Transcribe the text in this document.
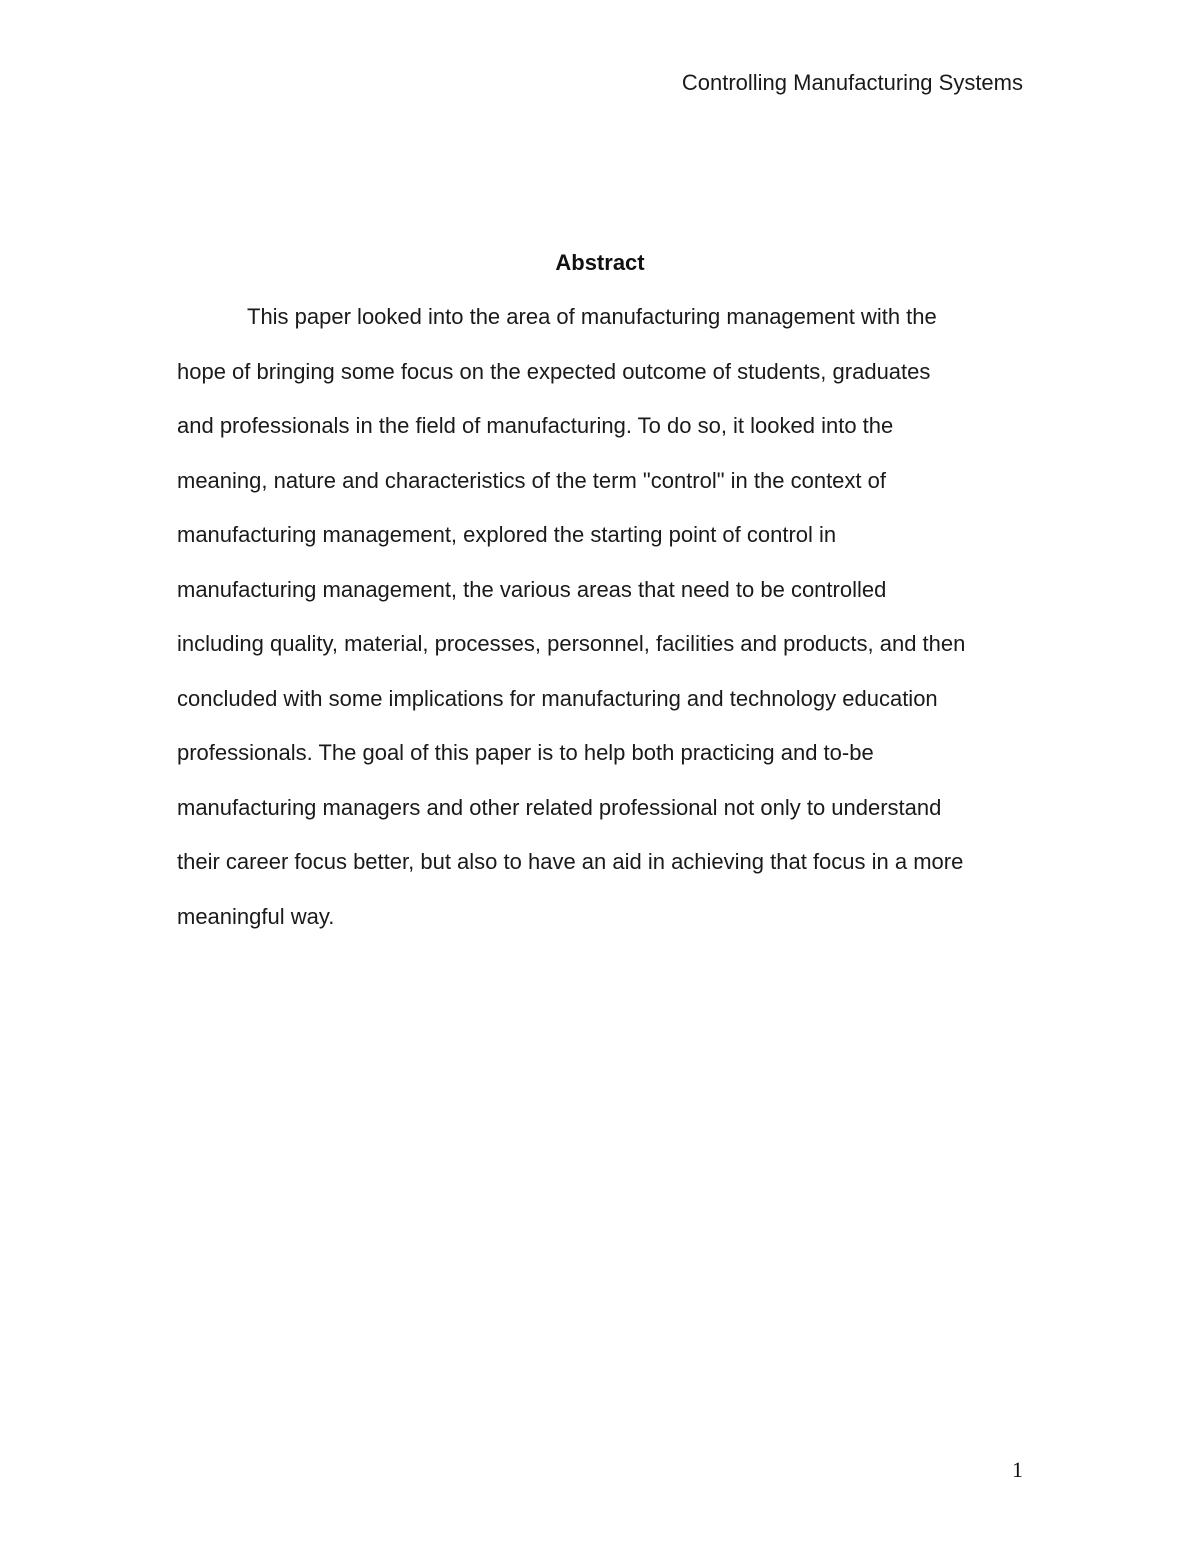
Controlling Manufacturing Systems
Abstract
This paper looked into the area of manufacturing management with the
hope of bringing some focus on the expected outcome of students, graduates
and professionals in the field of manufacturing. To do so, it looked into the
meaning, nature and characteristics of the term "control" in the context of
manufacturing management, explored the starting point of control in
manufacturing management, the various areas that need to be controlled
including quality, material, processes, personnel, facilities and products, and then
concluded with some implications for manufacturing and technology education
professionals. The goal of this paper is to help both practicing and to-be
manufacturing managers and other related professional not only to understand
their career focus better, but also to have an aid in achieving that focus in a more
meaningful way.
1
